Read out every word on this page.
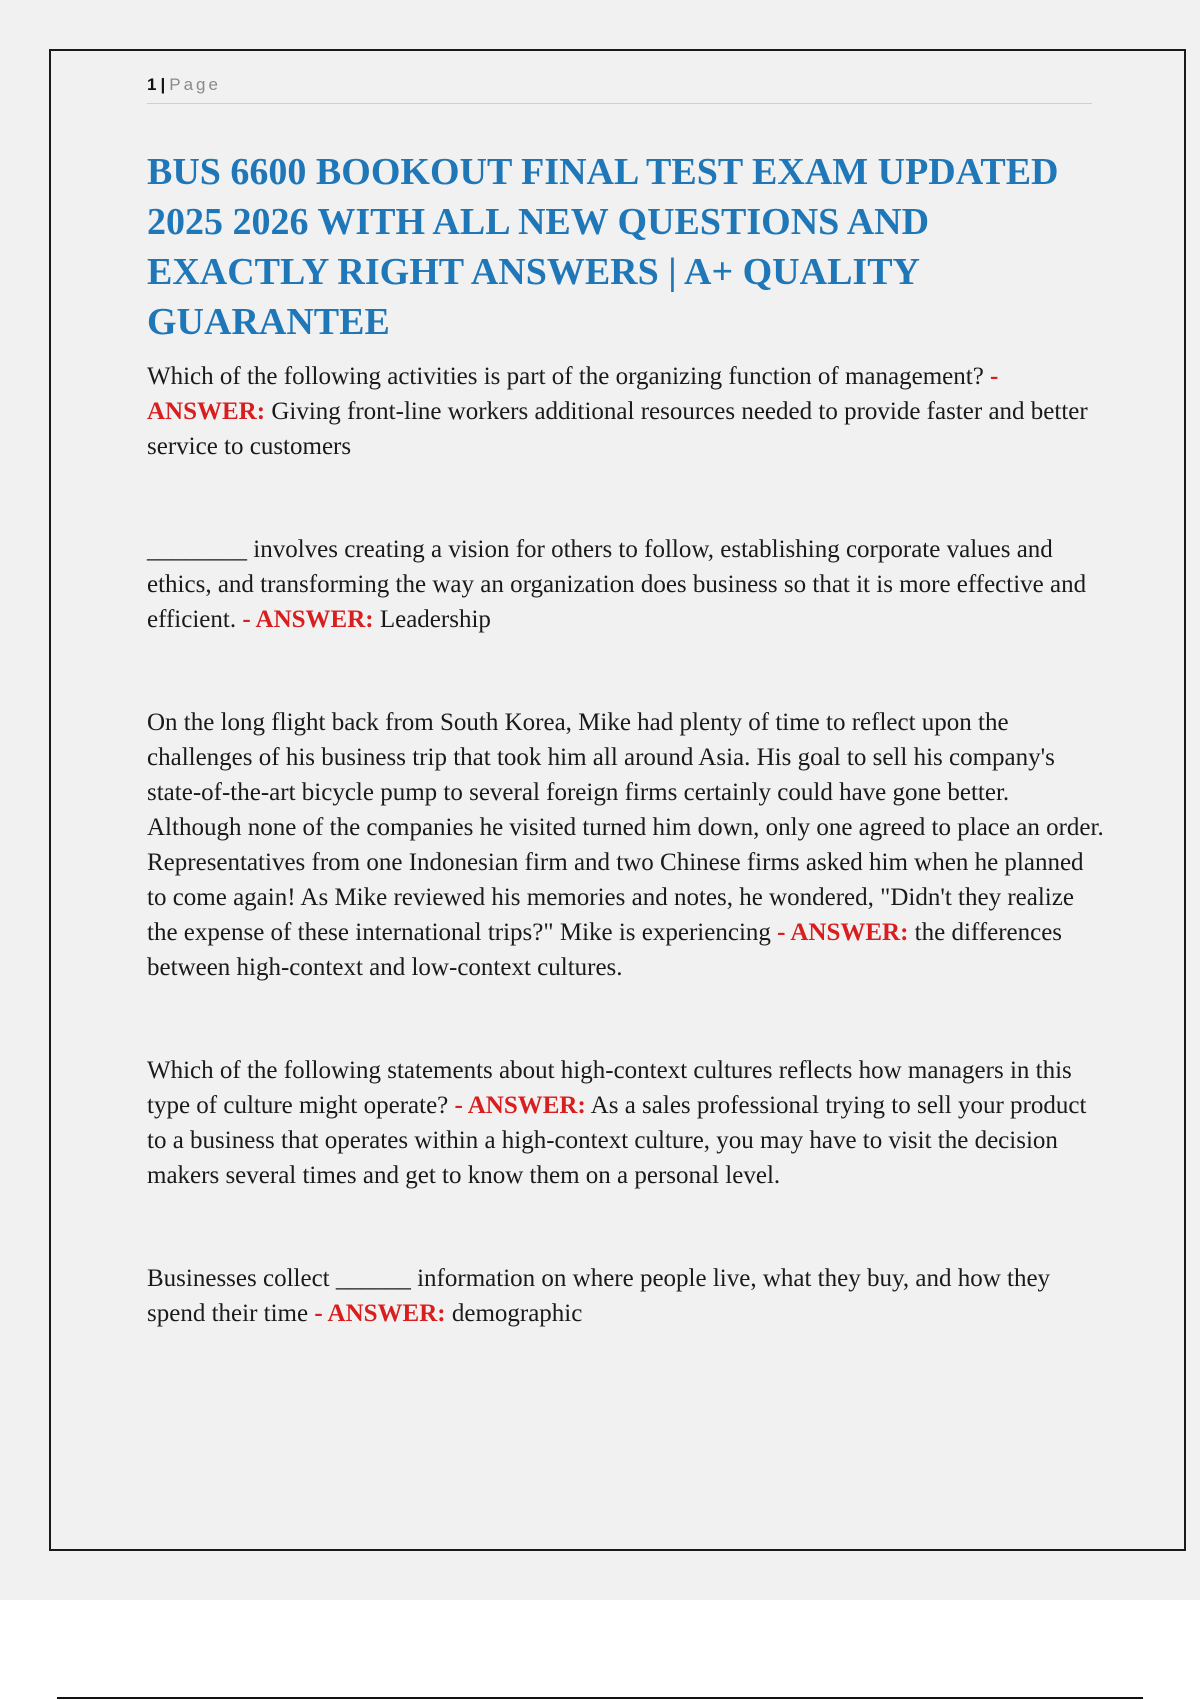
1 | Page
BUS 6600 BOOKOUT FINAL TEST EXAM UPDATED 2025 2026 WITH ALL NEW QUESTIONS AND EXACTLY RIGHT ANSWERS | A+ QUALITY GUARANTEE

Which of the following activities is part of the organizing function of management? - ANSWER: Giving front-line workers additional resources needed to provide faster and better service to customers

________ involves creating a vision for others to follow, establishing corporate values and ethics, and transforming the way an organization does business so that it is more effective and efficient. - ANSWER: Leadership

On the long flight back from South Korea, Mike had plenty of time to reflect upon the challenges of his business trip that took him all around Asia. His goal to sell his company's state-of-the-art bicycle pump to several foreign firms certainly could have gone better. Although none of the companies he visited turned him down, only one agreed to place an order. Representatives from one Indonesian firm and two Chinese firms asked him when he planned to come again! As Mike reviewed his memories and notes, he wondered, "Didn't they realize the expense of these international trips?" Mike is experiencing - ANSWER: the differences between high-context and low-context cultures.

Which of the following statements about high-context cultures reflects how managers in this type of culture might operate? - ANSWER: As a sales professional trying to sell your product to a business that operates within a high-context culture, you may have to visit the decision makers several times and get to know them on a personal level.

Businesses collect ______ information on where people live, what they buy, and how they spend their time - ANSWER: demographic
